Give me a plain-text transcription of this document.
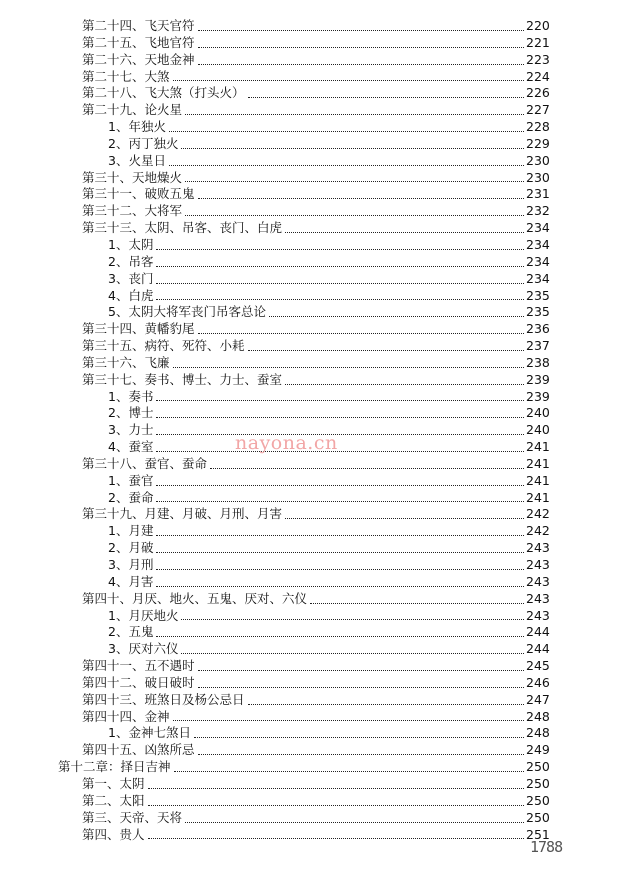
第二十四、飞天官符	220
第二十五、飞地官符	221
第二十六、天地金神	223
第二十七、大煞	224
第二十八、飞大煞（打头火）	226
第二十九、论火星	227
1、年独火	228
2、丙丁独火	229
3、火星日	230
第三十、天地燥火	230
第三十一、破败五鬼	231
第三十二、大将军	232
第三十三、太阴、吊客、丧门、白虎	234
1、太阴	234
2、吊客	234
3、丧门	234
4、白虎	235
5、太阴大将军丧门吊客总论	235
第三十四、黄幡豹尾	236
第三十五、病符、死符、小耗	237
第三十六、飞廉	238
第三十七、奏书、博士、力士、蚕室	239
1、奏书	239
2、博士	240
3、力士	240
4、蚕室	241
第三十八、蚕官、蚕命	241
1、蚕官	241
2、蚕命	241
第三十九、月建、月破、月刑、月害	242
1、月建	242
2、月破	243
3、月刑	243
4、月害	243
第四十、月厌、地火、五鬼、厌对、六仪	243
1、月厌地火	243
2、五鬼	244
3、厌对六仪	244
第四十一、五不遇时	245
第四十二、破日破时	246
第四十三、班煞日及杨公忌日	247
第四十四、金神	248
1、金神七煞日	248
第四十五、凶煞所忌	249
第十二章：择日吉神	250
第一、太阴	250
第二、太阳	250
第三、天帝、天将	250
第四、贵人	251
nayona.cn
1788
